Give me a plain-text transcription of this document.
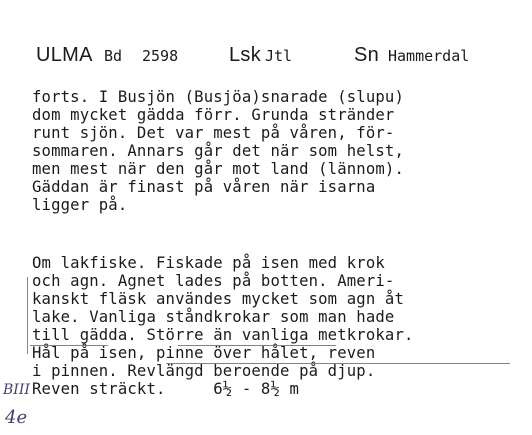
ULMA Bd 2598	Lsk Jtl	Sn Hammerdal
forts. I Busjön (Busjöa)snarade (slupu)
dom mycket gädda förr. Grunda stränder
runt sjön. Det var mest på våren, för-
sommaren. Annars går det när som helst,
men mest när den går mot land (lännom).
Gäddan är finast på våren när isarna
ligger på.
Om lakfiske. Fiskade på isen med krok
och agn. Agnet lades på botten. Ameri-
kanskt fläsk användes mycket som agn åt
lake. Vanliga ståndkrokar som man hade
till gädda. Större än vanliga metkrokar.
Hål på isen, pinne över hålet, reven
i pinnen. Revlängd beroende på djup.
Reven sträckt.     6½ - 8½ m
BIII
4e
